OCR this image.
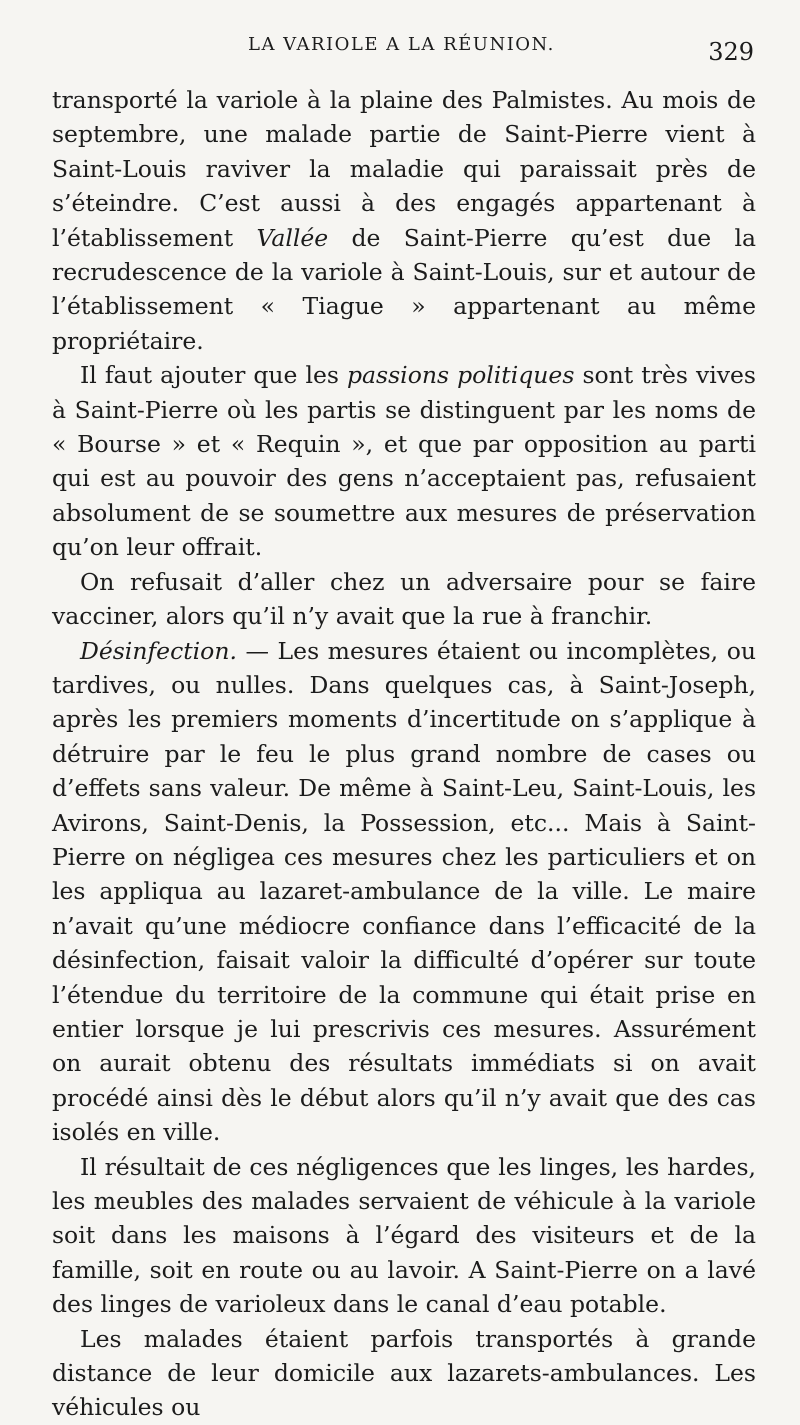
LA VARIOLE A LA RÉUNION.	329

transporté la variole à la plaine des Palmistes. Au mois de septembre, une malade partie de Saint-Pierre vient à Saint-Louis raviver la maladie qui paraissait près de s’éteindre. C’est aussi à des engagés appartenant à l’établissement Vallée de Saint-Pierre qu’est due la recrudescence de la variole à Saint-Louis, sur et autour de l’établissement « Tiague » appartenant au même propriétaire.

Il faut ajouter que les passions politiques sont très vives à Saint-Pierre où les partis se distinguent par les noms de « Bourse » et « Requin », et que par opposition au parti qui est au pouvoir des gens n’acceptaient pas, refusaient absolument de se soumettre aux mesures de préservation qu’on leur offrait.

On refusait d’aller chez un adversaire pour se faire vacciner, alors qu’il n’y avait que la rue à franchir.

Désinfection. — Les mesures étaient ou incomplètes, ou tardives, ou nulles. Dans quelques cas, à Saint-Joseph, après les premiers moments d’incertitude on s’applique à détruire par le feu le plus grand nombre de cases ou d’effets sans valeur. De même à Saint-Leu, Saint-Louis, les Avirons, Saint-Denis, la Possession, etc... Mais à Saint-Pierre on négligea ces mesures chez les particuliers et on les appliqua au lazaret-ambulance de la ville. Le maire n’avait qu’une médiocre confiance dans l’efficacité de la désinfection, faisait valoir la difficulté d’opérer sur toute l’étendue du territoire de la commune qui était prise en entier lorsque je lui prescrivis ces mesures. Assurément on aurait obtenu des résultats immédiats si on avait procédé ainsi dès le début alors qu’il n’y avait que des cas isolés en ville.

Il résultait de ces négligences que les linges, les hardes, les meubles des malades servaient de véhicule à la variole soit dans les maisons à l’égard des visiteurs et de la famille, soit en route ou au lavoir. A Saint-Pierre on a lavé des linges de varioleux dans le canal d’eau potable.

Les malades étaient parfois transportés à grande distance de leur domicile aux lazarets-ambulances. Les véhicules ou
